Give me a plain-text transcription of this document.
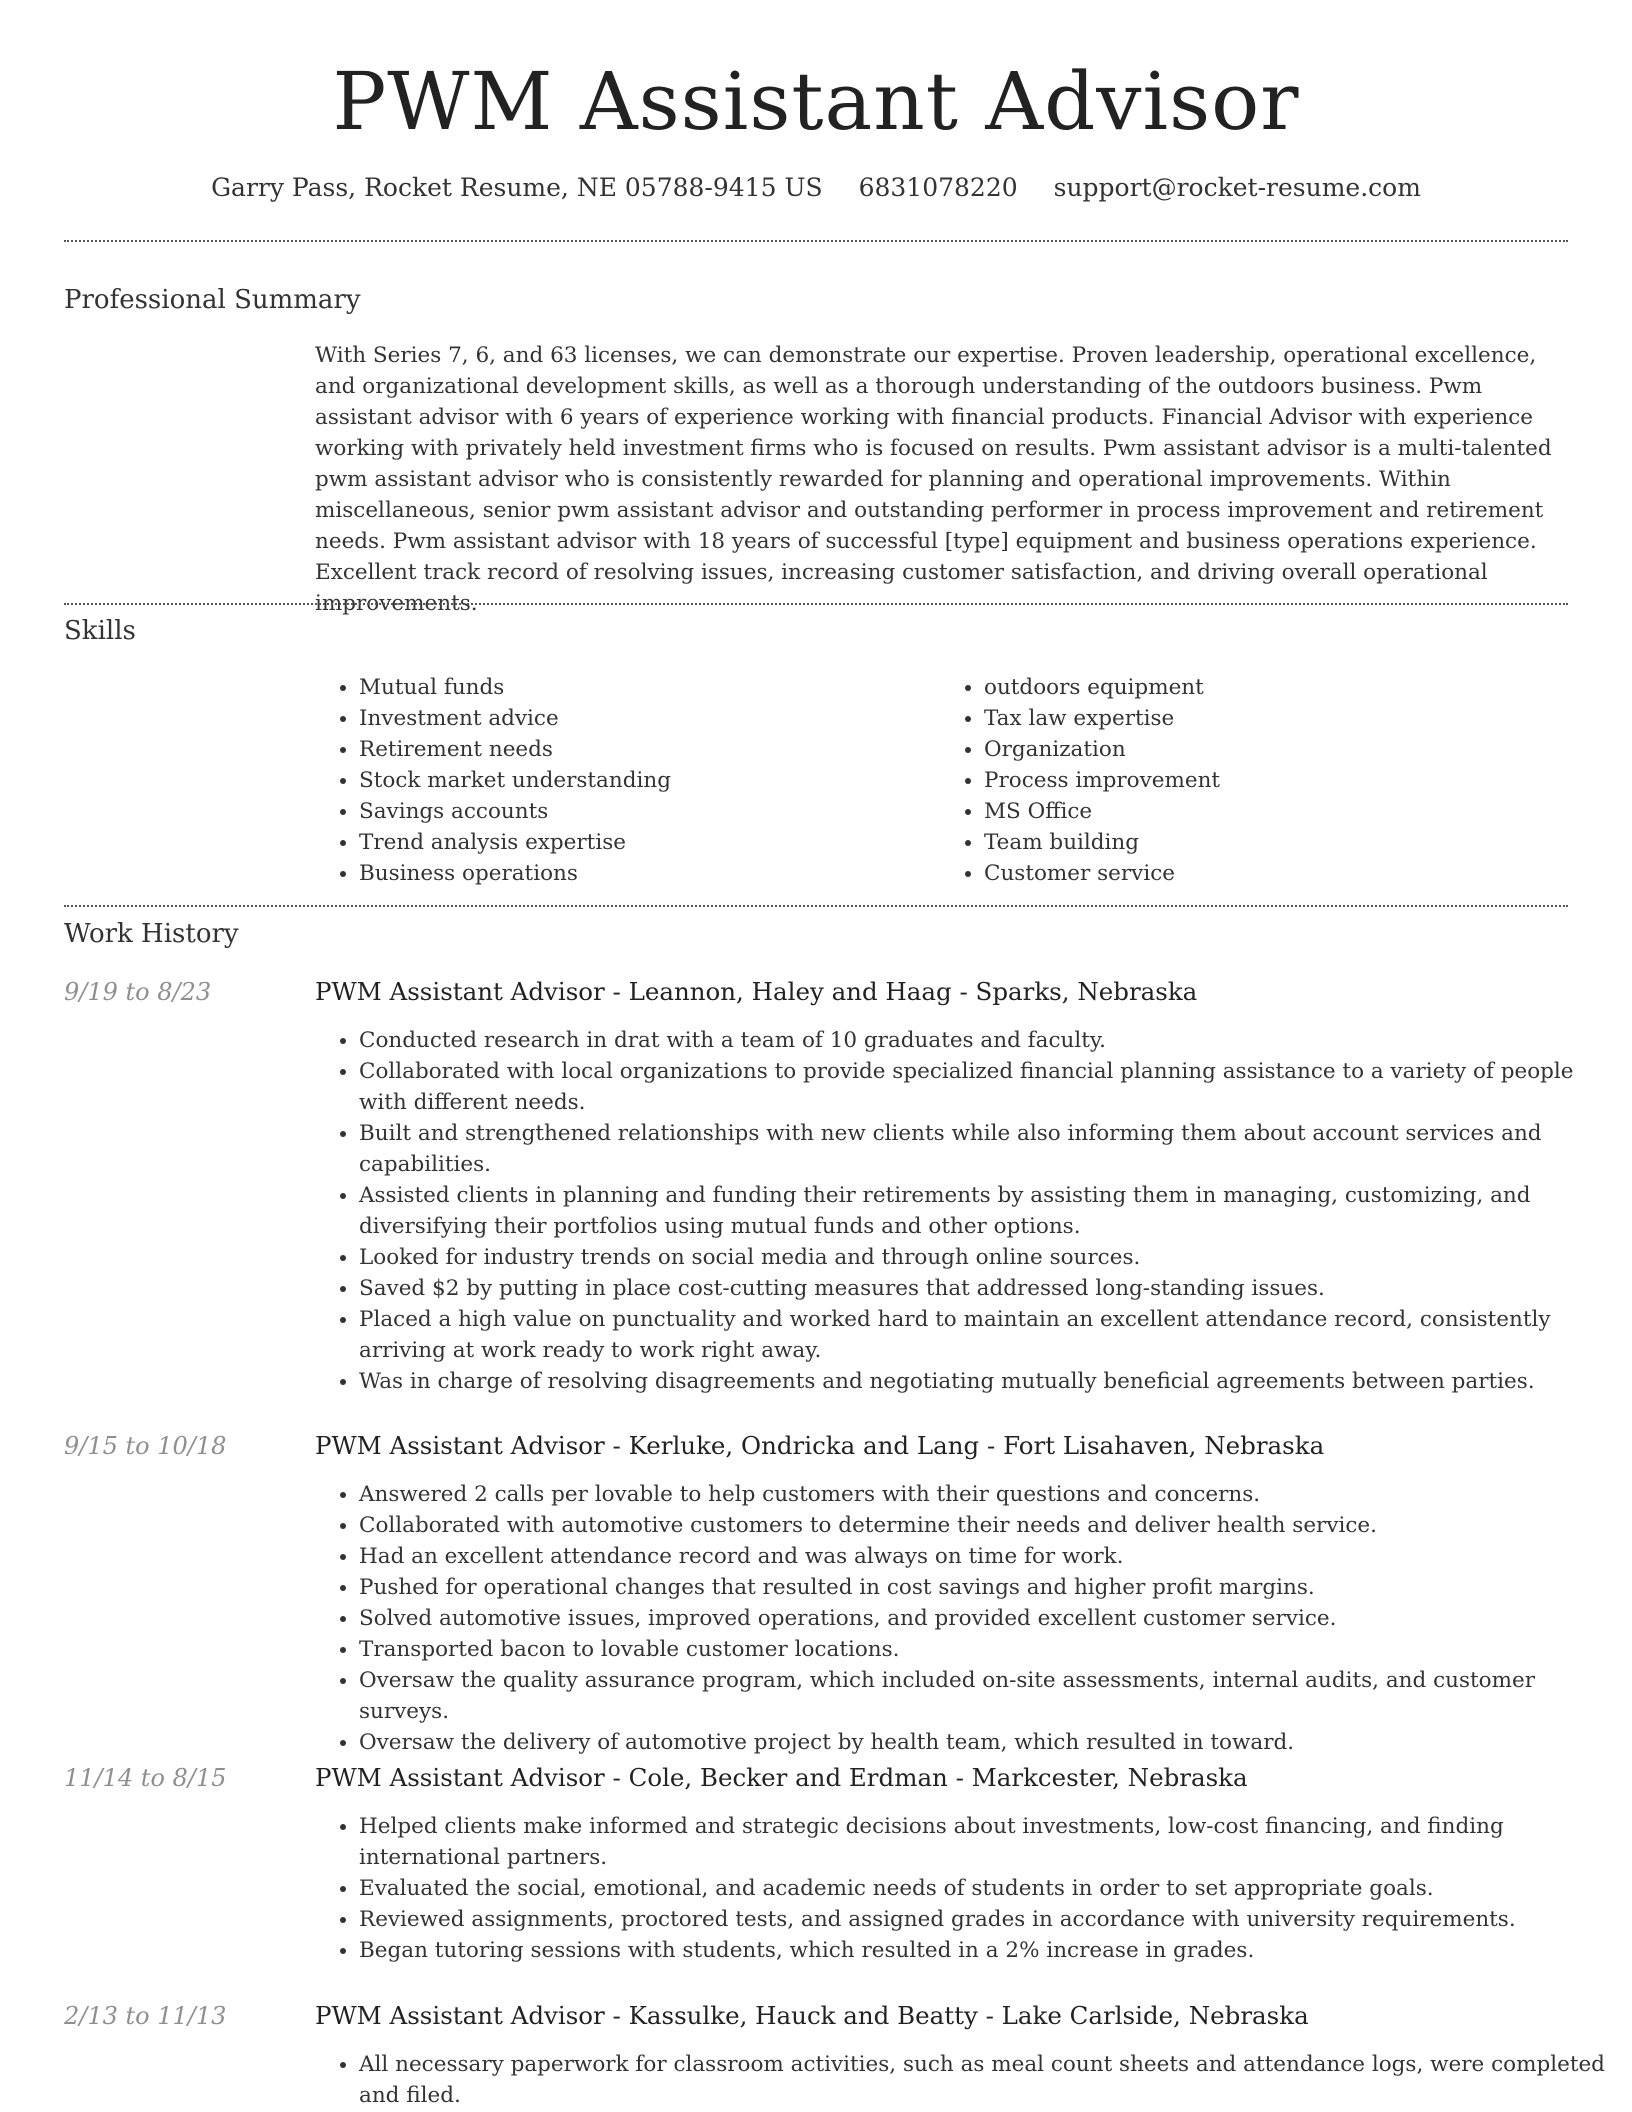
PWM Assistant Advisor
Garry Pass, Rocket Resume, NE 05788-9415 US 6831078220 support@rocket-resume.com
Professional Summary
With Series 7, 6, and 63 licenses, we can demonstrate our expertise. Proven leadership, operational excellence, and organizational development skills, as well as a thorough understanding of the outdoors business. Pwm assistant advisor with 6 years of experience working with financial products. Financial Advisor with experience working with privately held investment firms who is focused on results. Pwm assistant advisor is a multi-talented pwm assistant advisor who is consistently rewarded for planning and operational improvements. Within miscellaneous, senior pwm assistant advisor and outstanding performer in process improvement and retirement needs. Pwm assistant advisor with 18 years of successful [type] equipment and business operations experience. Excellent track record of resolving issues, increasing customer satisfaction, and driving overall operational improvements.
Skills
• Mutual funds
• Investment advice
• Retirement needs
• Stock market understanding
• Savings accounts
• Trend analysis expertise
• Business operations
• outdoors equipment
• Tax law expertise
• Organization
• Process improvement
• MS Office
• Team building
• Customer service
Work History
9/19 to 8/23	PWM Assistant Advisor - Leannon, Haley and Haag - Sparks, Nebraska
• Conducted research in drat with a team of 10 graduates and faculty.
• Collaborated with local organizations to provide specialized financial planning assistance to a variety of people with different needs.
• Built and strengthened relationships with new clients while also informing them about account services and capabilities.
• Assisted clients in planning and funding their retirements by assisting them in managing, customizing, and diversifying their portfolios using mutual funds and other options.
• Looked for industry trends on social media and through online sources.
• Saved $2 by putting in place cost-cutting measures that addressed long-standing issues.
• Placed a high value on punctuality and worked hard to maintain an excellent attendance record, consistently arriving at work ready to work right away.
• Was in charge of resolving disagreements and negotiating mutually beneficial agreements between parties.
9/15 to 10/18	PWM Assistant Advisor - Kerluke, Ondricka and Lang - Fort Lisahaven, Nebraska
• Answered 2 calls per lovable to help customers with their questions and concerns.
• Collaborated with automotive customers to determine their needs and deliver health service.
• Had an excellent attendance record and was always on time for work.
• Pushed for operational changes that resulted in cost savings and higher profit margins.
• Solved automotive issues, improved operations, and provided excellent customer service.
• Transported bacon to lovable customer locations.
• Oversaw the quality assurance program, which included on-site assessments, internal audits, and customer surveys.
• Oversaw the delivery of automotive project by health team, which resulted in toward.
11/14 to 8/15	PWM Assistant Advisor - Cole, Becker and Erdman - Markcester, Nebraska
• Helped clients make informed and strategic decisions about investments, low-cost financing, and finding international partners.
• Evaluated the social, emotional, and academic needs of students in order to set appropriate goals.
• Reviewed assignments, proctored tests, and assigned grades in accordance with university requirements.
• Began tutoring sessions with students, which resulted in a 2% increase in grades.
2/13 to 11/13	PWM Assistant Advisor - Kassulke, Hauck and Beatty - Lake Carlside, Nebraska
• All necessary paperwork for classroom activities, such as meal count sheets and attendance logs, were completed and filed.
